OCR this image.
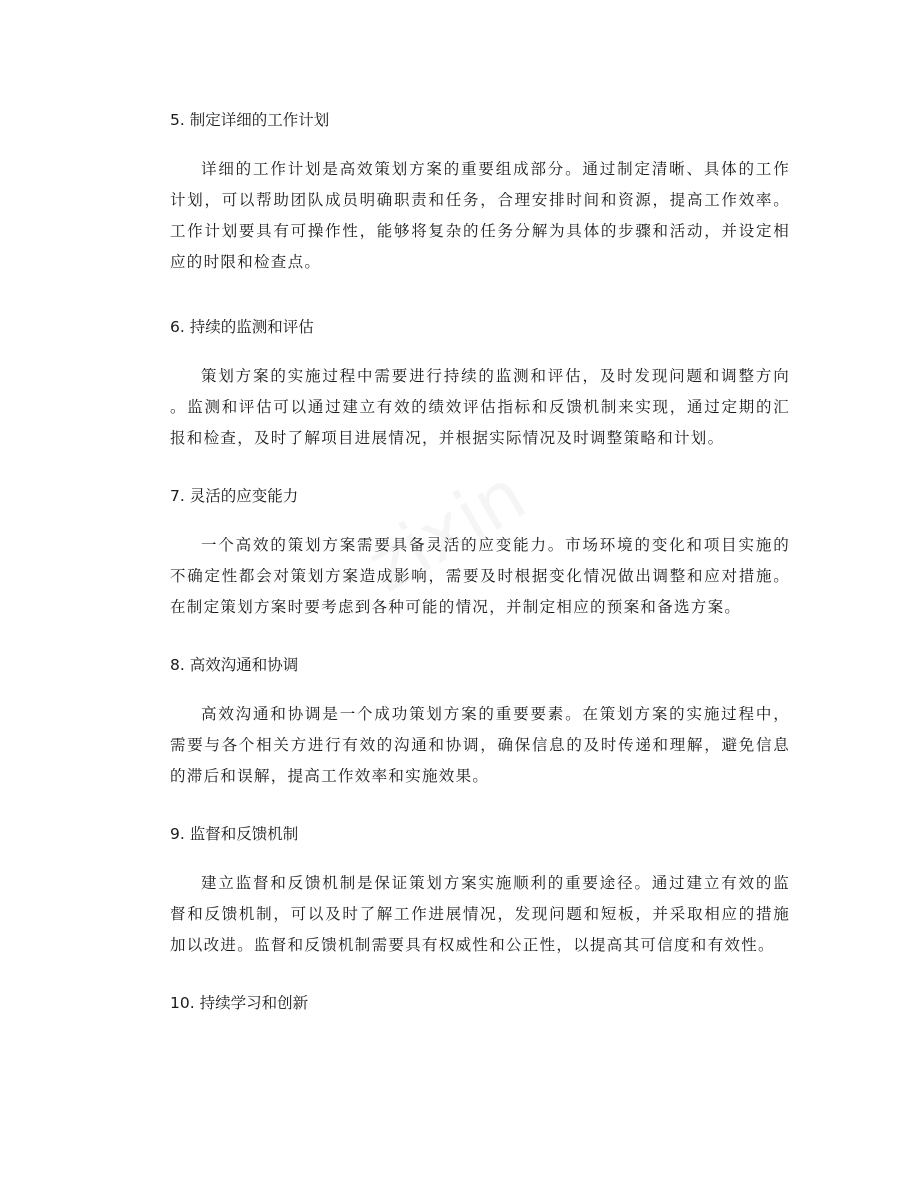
5. 制定详细的工作计划
详细的工作计划是高效策划方案的重要组成部分。通过制定清晰、具体的工作
计划，可以帮助团队成员明确职责和任务，合理安排时间和资源，提高工作效率。
工作计划要具有可操作性，能够将复杂的任务分解为具体的步骤和活动，并设定相
应的时限和检查点。
6. 持续的监测和评估
策划方案的实施过程中需要进行持续的监测和评估，及时发现问题和调整方向
。监测和评估可以通过建立有效的绩效评估指标和反馈机制来实现，通过定期的汇
报和检查，及时了解项目进展情况，并根据实际情况及时调整策略和计划。
7. 灵活的应变能力
一个高效的策划方案需要具备灵活的应变能力。市场环境的变化和项目实施的
不确定性都会对策划方案造成影响，需要及时根据变化情况做出调整和应对措施。
在制定策划方案时要考虑到各种可能的情况，并制定相应的预案和备选方案。
8. 高效沟通和协调
高效沟通和协调是一个成功策划方案的重要要素。在策划方案的实施过程中，
需要与各个相关方进行有效的沟通和协调，确保信息的及时传递和理解，避免信息
的滞后和误解，提高工作效率和实施效果。
9. 监督和反馈机制
建立监督和反馈机制是保证策划方案实施顺利的重要途径。通过建立有效的监
督和反馈机制，可以及时了解工作进展情况，发现问题和短板，并采取相应的措施
加以改进。监督和反馈机制需要具有权威性和公正性，以提高其可信度和有效性。
10. 持续学习和创新
